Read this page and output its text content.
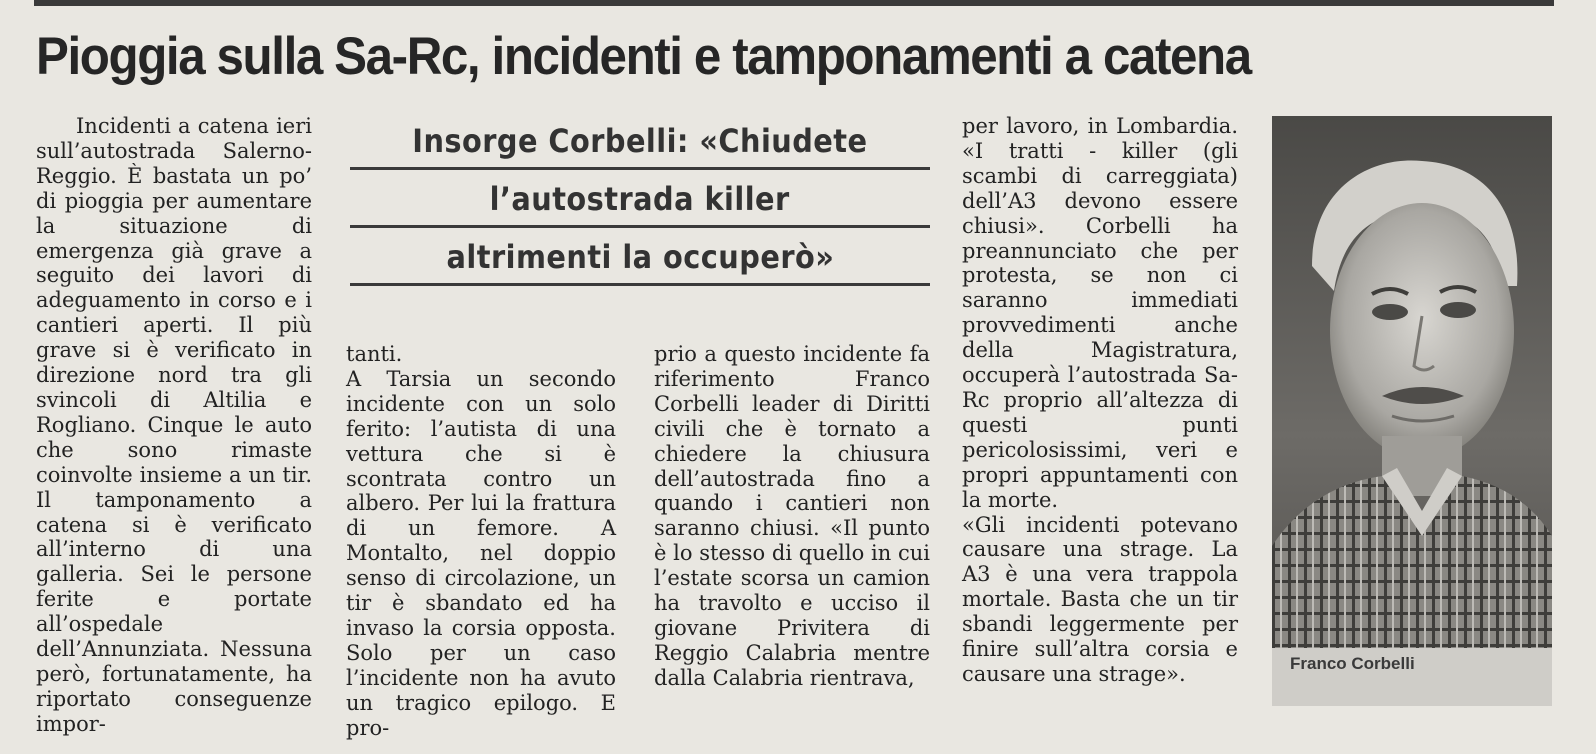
Pioggia sulla Sa-Rc, incidenti e tamponamenti a catena

Incidenti a catena ieri sull’autostrada Salerno-Reggio. È bastata un po’ di pioggia per aumentare la situazione di emergenza già grave a seguito dei lavori di adeguamento in corso e i cantieri aperti. Il più grave si è verificato in direzione nord tra gli svincoli di Altilia e Rogliano. Cinque le auto che sono rimaste coinvolte insieme a un tir. Il tamponamento a catena si è verificato all’interno di una galleria. Sei le persone ferite e portate all’ospedale dell’Annunziata. Nessuna però, fortunatamente, ha riportato conseguenze impor-

Insorge Corbelli: «Chiudete
l’autostrada killer
altrimenti la occuperò»

tanti.

A Tarsia un secondo incidente con un solo ferito: l’autista di una vettura che si è scontrata contro un albero. Per lui la frattura di un femore. A Montalto, nel doppio senso di circolazione, un tir è sbandato ed ha invaso la corsia opposta. Solo per un caso l’incidente non ha avuto un tragico epilogo. E pro-

prio a questo incidente fa riferimento Franco Corbelli leader di Diritti civili che è tornato a chiedere la chiusura dell’autostrada fino a quando i cantieri non saranno chiusi. «Il punto è lo stesso di quello in cui l’estate scorsa un camion ha travolto e ucciso il giovane Privitera di Reggio Calabria mentre dalla Calabria rientrava,

per lavoro, in Lombardia. «I tratti - killer (gli scambi di carreggiata) dell’A3 devono essere chiusi». Corbelli ha preannunciato che per protesta, se non ci saranno immediati provvedimenti anche della Magistratura, occuperà l’autostrada Sa-Rc proprio all’altezza di questi punti pericolosissimi, veri e propri appuntamenti con la morte.

«Gli incidenti potevano causare una strage. La A3 è una vera trappola mortale. Basta che un tir sbandi leggermente per finire sull’altra corsia e causare una strage».	Franco Corbelli
